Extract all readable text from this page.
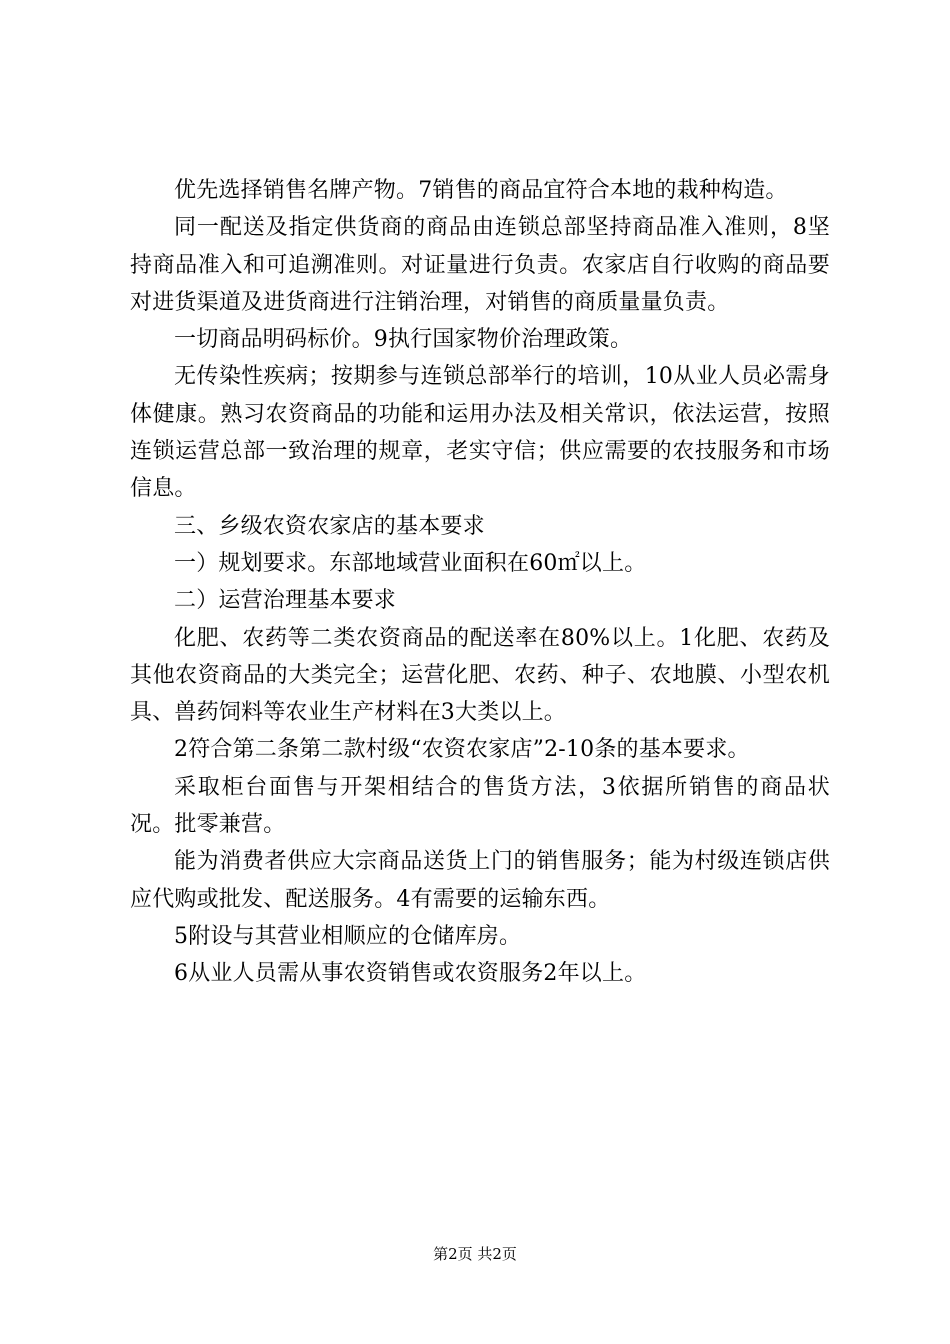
优先选择销售名牌产物。7销售的商品宜符合本地的栽种构造。

同一配送及指定供货商的商品由连锁总部坚持商品准入准则，8坚持商品准入和可追溯准则。对证量进行负责。农家店自行收购的商品要对进货渠道及进货商进行注销治理，对销售的商质量量负责。

一切商品明码标价。9执行国家物价治理政策。

无传染性疾病；按期参与连锁总部举行的培训，10从业人员必需身体健康。熟习农资商品的功能和运用办法及相关常识，依法运营，按照连锁运营总部一致治理的规章，老实守信；供应需要的农技服务和市场信息。

三、乡级农资农家店的基本要求

一）规划要求。东部地域营业面积在60㎡以上。

二）运营治理基本要求

化肥、农药等二类农资商品的配送率在80%以上。1化肥、农药及其他农资商品的大类完全；运营化肥、农药、种子、农地膜、小型农机具、兽药饲料等农业生产材料在3大类以上。

2符合第二条第二款村级“农资农家店”2-10条的基本要求。

采取柜台面售与开架相结合的售货方法，3依据所销售的商品状况。批零兼营。

能为消费者供应大宗商品送货上门的销售服务；能为村级连锁店供应代购或批发、配送服务。4有需要的运输东西。

5附设与其营业相顺应的仓储库房。

6从业人员需从事农资销售或农资服务2年以上。

第2页 共2页
